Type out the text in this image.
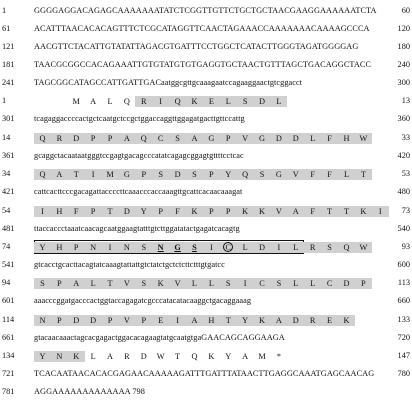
1	GGGGAGGACAGAGCAAAAAAATATCTCGGTTGTTCTGCTGCTAACGAAGGAAAAAATCTA	60
61	ACATTTAACACACAGTTTCTCGCATAGGTTCAACTAGAAACCAAAAAAACAAAAGCCCA	120
121	AACGTTCTACATTGTATATTAGACGTGATTTCCTGGCTCATACTTGGGTAGATGGGGAG	180
181	TAACGCGGCCACAGAAATTGTGTATGTGTGAGGTGCTAACTGTTTAGCTGACAGGCTACC	240
241	TAGCGGCATAGCCATTGATTGACaatggcgttgcaaagaatccagaaggaactgtcggacct	300
1	M A L Q R I Q K E L S D L	13
301	tcagaggaccccactgctcaatgctccgctggaccaggttggagatgacttgttccattg	360
14	Q R D P P A Q C S A G P V G D D L F H W	33
361	gcaggctacaataatgggtccgagtgacagcccatatcagagcggagtgttttcctcac	420
34	Q A T I M G P S D S P Y Q S G V F F L T	53
421	cattcacttcccgacagattaccccttcaaacccaccaaagttgcattcacaacaaagat	480
54	I H F P T D Y P F K P P K K V A F T T K I	73
481	ttaccaccctaaatcaacagcaatggaagtatttgtcttggatatactgagatcacagtg	540
74	Y H P N I N S N G S I C L D I L R S Q W	93
541	gtcacctgcacttacagtatcaaagtattattgtctatctgctctcttctttgtgatcc	600
94	S P A L T V S K V L L S I C S L L C D P	113
601	aaacccggatgacccactggtaccagagatcgcccatacatacaaggctgacaggaaag	660
114	N P D D P V P E I A H T Y K A D R E K	133
661	gtacaacaaactagcacgagactggacacagaagtatgcaatgtgaGAACAGCAGGAAGA	720
134	Y N K L A R D W T Q K Y A M *	147
721	TCACAATAACACACGAGAACAAAAAGATTTGATTTATAACTTGAGGCAAATGAGCAACAG	780
781	AGGAAAAAAAAAAAAA 798
